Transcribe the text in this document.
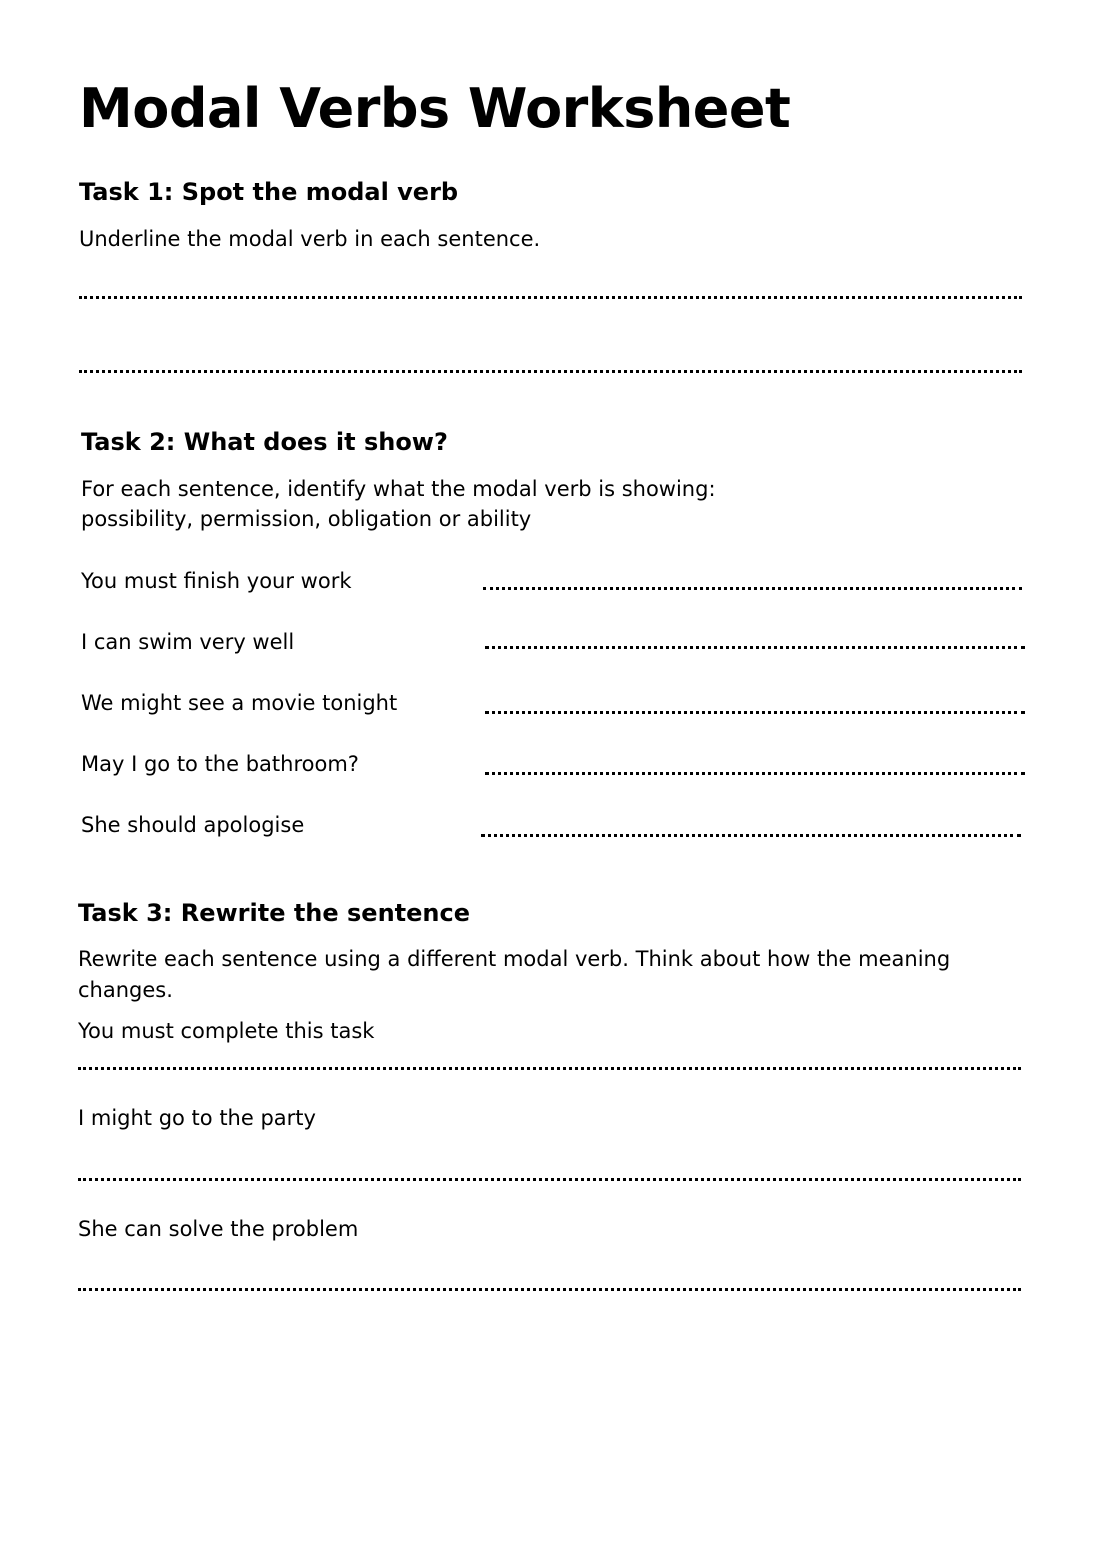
Modal Verbs Worksheet
Task 1: Spot the modal verb
Underline the modal verb in each sentence.
Task 2: What does it show?
For each sentence, identify what the modal verb is showing:
possibility, permission, obligation or ability
You must finish your work
I can swim very well
We might see a movie tonight
May I go to the bathroom?
She should apologise
Task 3: Rewrite the sentence
Rewrite each sentence using a different modal verb. Think about how the meaning
changes.
You must complete this task
I might go to the party
She can solve the problem
